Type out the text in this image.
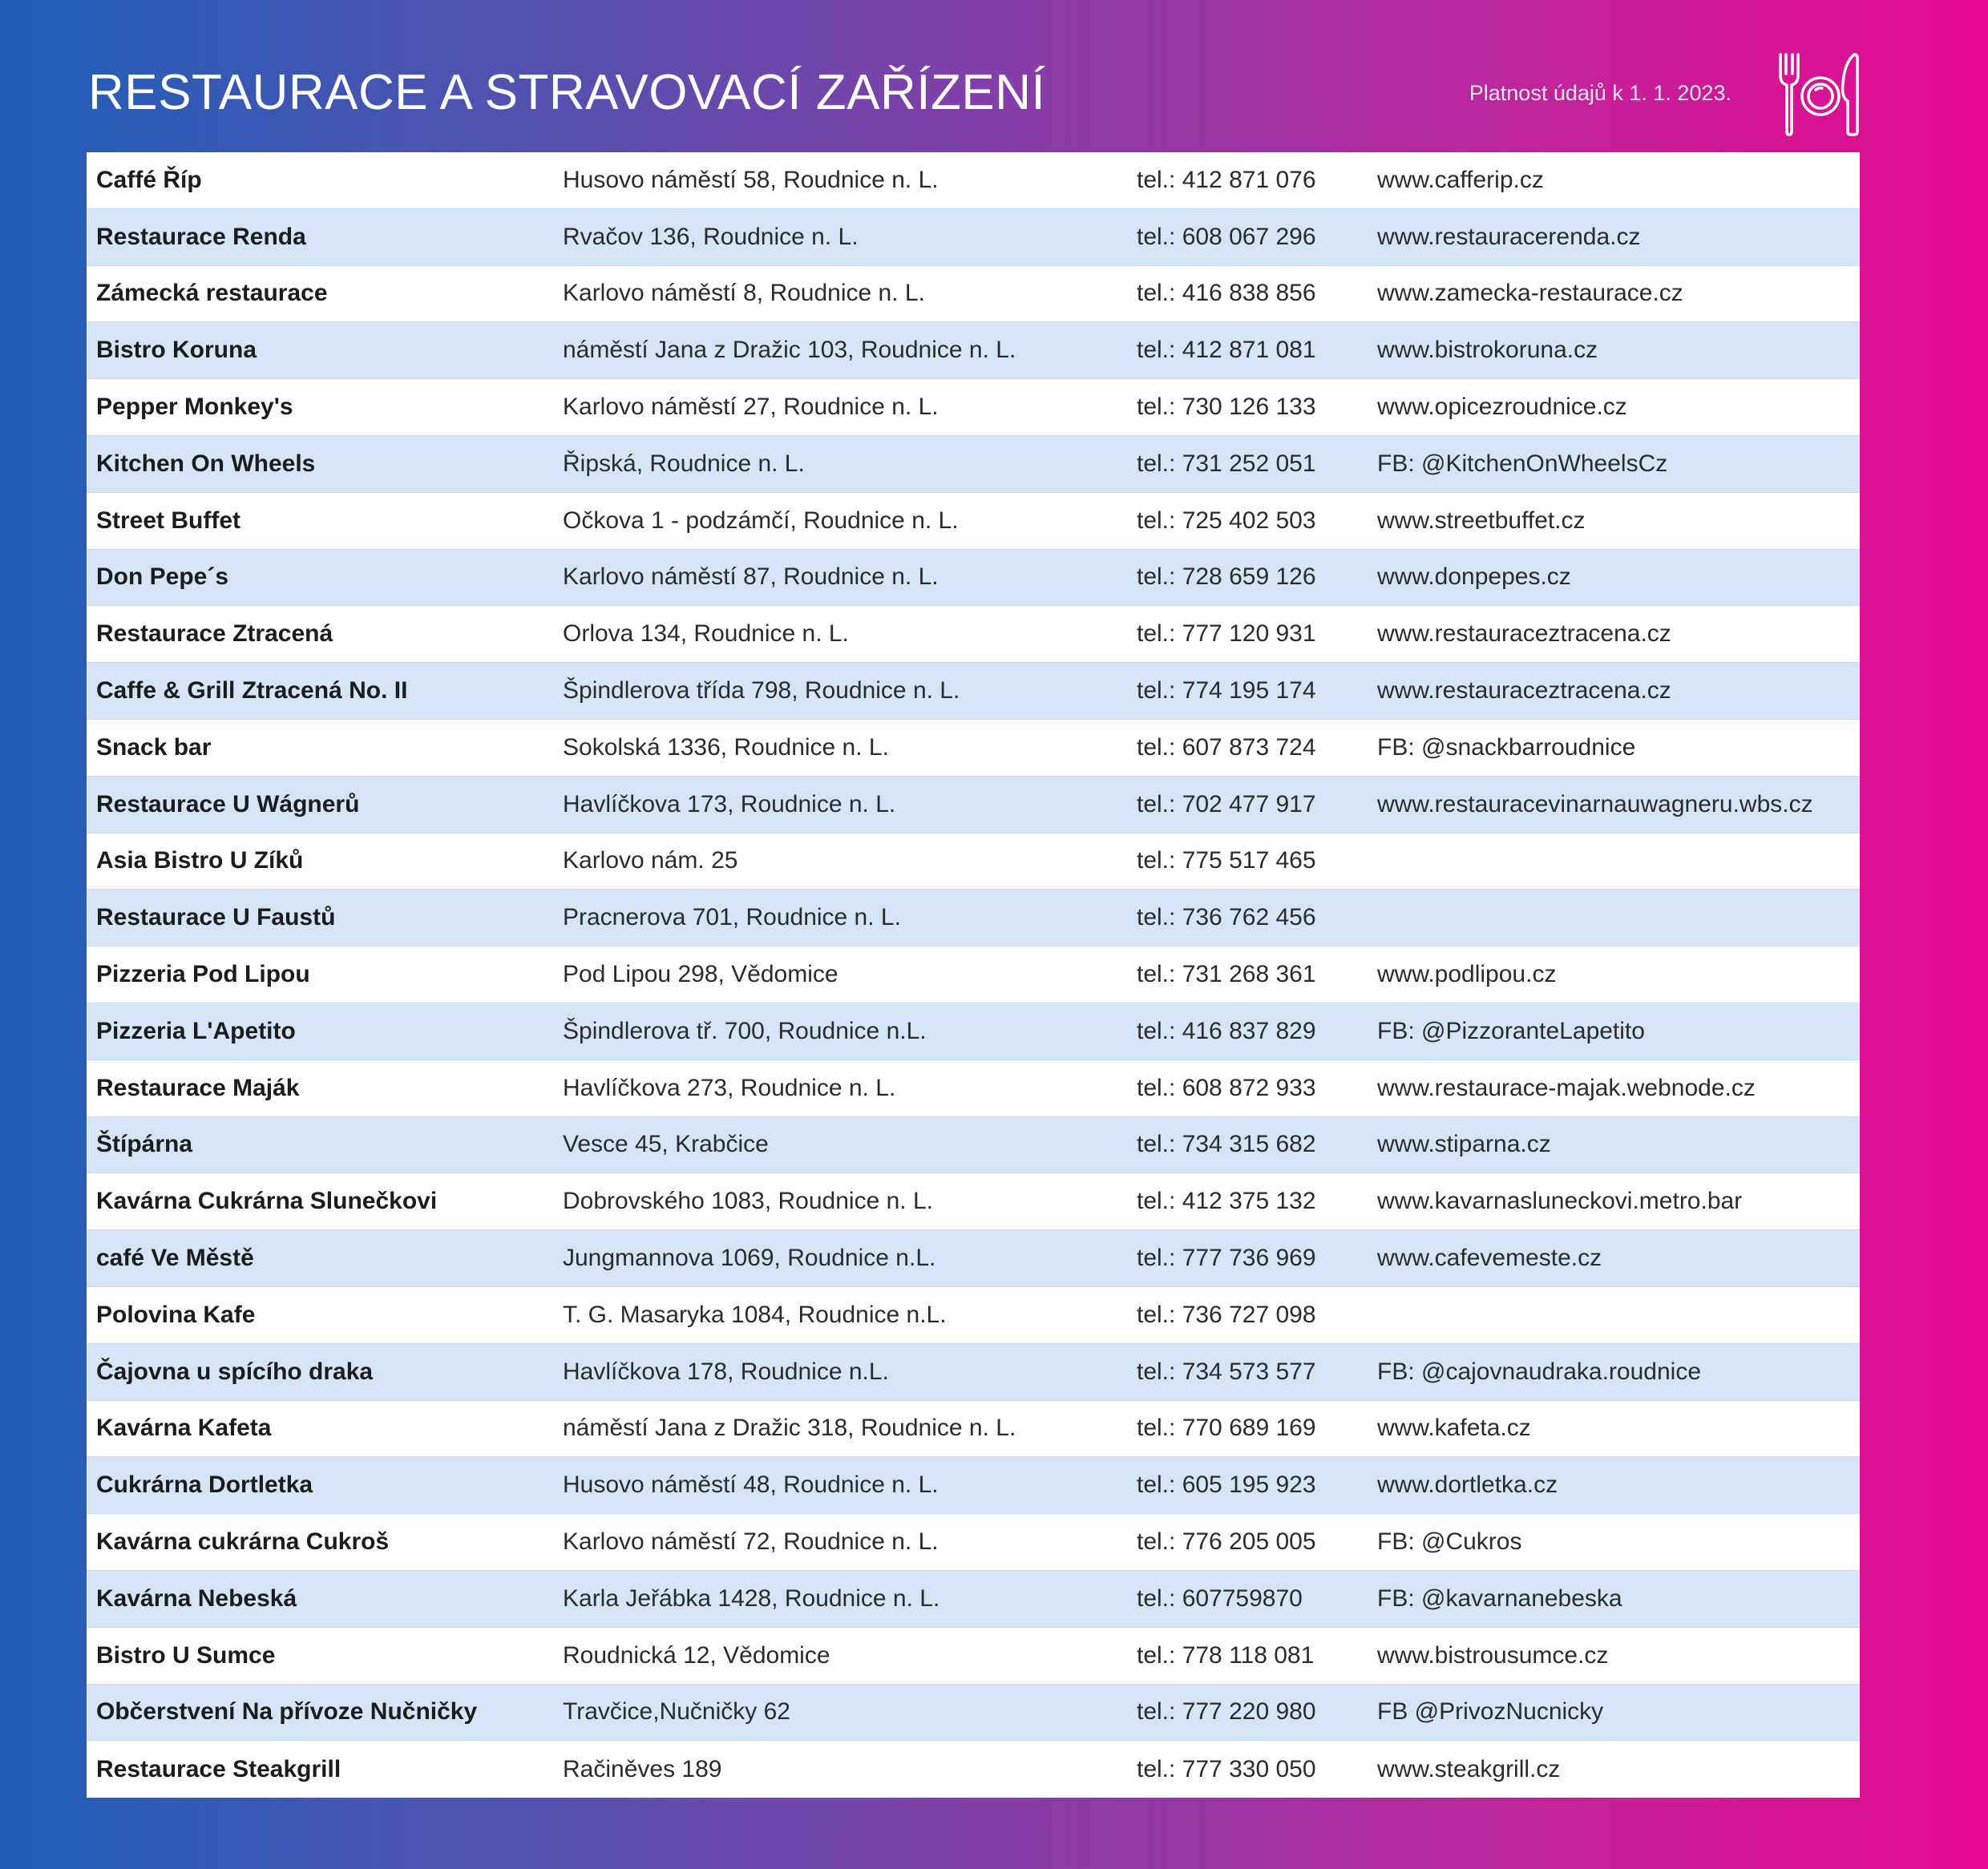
RESTAURACE A STRAVOVACÍ ZAŘÍZENÍ	Platnost údajů k 1. 1. 2023.
Caffé Říp	Husovo náměstí 58, Roudnice n. L.	tel.: 412 871 076	www.cafferip.cz
Restaurace Renda	Rvačov 136, Roudnice n. L.	tel.: 608 067 296	www.restauracerenda.cz
Zámecká restaurace	Karlovo náměstí 8, Roudnice n. L.	tel.: 416 838 856	www.zamecka-restaurace.cz
Bistro Koruna	náměstí Jana z Dražic 103, Roudnice n. L.	tel.: 412 871 081	www.bistrokoruna.cz
Pepper Monkey's	Karlovo náměstí 27, Roudnice n. L.	tel.: 730 126 133	www.opicezroudnice.cz
Kitchen On Wheels	Řipská, Roudnice n. L.	tel.: 731 252 051	FB: @KitchenOnWheelsCz
Street Buffet	Očkova 1 - podzámčí, Roudnice n. L.	tel.: 725 402 503	www.streetbuffet.cz
Don Pepe´s	Karlovo náměstí 87, Roudnice n. L.	tel.: 728 659 126	www.donpepes.cz
Restaurace Ztracená	Orlova 134, Roudnice n. L.	tel.: 777 120 931	www.restauraceztracena.cz
Caffe & Grill Ztracená No. II	Špindlerova třída 798, Roudnice n. L.	tel.: 774 195 174	www.restauraceztracena.cz
Snack bar	Sokolská 1336, Roudnice n. L.	tel.: 607 873 724	FB: @snackbarroudnice
Restaurace U Wágnerů	Havlíčkova 173, Roudnice n. L.	tel.: 702 477 917	www.restauracevinarnauwagneru.wbs.cz
Asia Bistro U Zíků	Karlovo nám. 25	tel.: 775 517 465
Restaurace U Faustů	Pracnerova 701, Roudnice n. L.	tel.: 736 762 456
Pizzeria Pod Lipou	Pod Lipou 298, Vědomice	tel.: 731 268 361	www.podlipou.cz
Pizzeria L'Apetito	Špindlerova tř. 700, Roudnice n.L.	tel.: 416 837 829	FB: @PizzoranteLapetito
Restaurace Maják	Havlíčkova 273, Roudnice n. L.	tel.: 608 872 933	www.restaurace-majak.webnode.cz
Štípárna	Vesce 45, Krabčice	tel.: 734 315 682	www.stiparna.cz
Kavárna Cukrárna Slunečkovi	Dobrovského 1083, Roudnice n. L.	tel.: 412 375 132	www.kavarnasluneckovi.metro.bar
café Ve Městě	Jungmannova 1069, Roudnice n.L.	tel.: 777 736 969	www.cafevemeste.cz
Polovina Kafe	T. G. Masaryka 1084, Roudnice n.L.	tel.: 736 727 098
Čajovna u spícího draka	Havlíčkova 178, Roudnice n.L.	tel.: 734 573 577	FB: @cajovnaudraka.roudnice
Kavárna Kafeta	náměstí Jana z Dražic 318, Roudnice n. L.	tel.: 770 689 169	www.kafeta.cz
Cukrárna Dortletka	Husovo náměstí 48, Roudnice n. L.	tel.: 605 195 923	www.dortletka.cz
Kavárna cukrárna Cukroš	Karlovo náměstí 72, Roudnice n. L.	tel.: 776 205 005	FB: @Cukros
Kavárna Nebeská	Karla Jeřábka 1428, Roudnice n. L.	tel.: 607759870	FB: @kavarnanebeska
Bistro U Sumce	Roudnická 12, Vědomice	tel.: 778 118 081	www.bistrousumce.cz
Občerstvení Na přívoze Nučničky	Travčice,Nučničky 62	tel.: 777 220 980	FB @PrivozNucnicky
Restaurace Steakgrill	Račiněves 189	tel.: 777 330 050	www.steakgrill.cz
